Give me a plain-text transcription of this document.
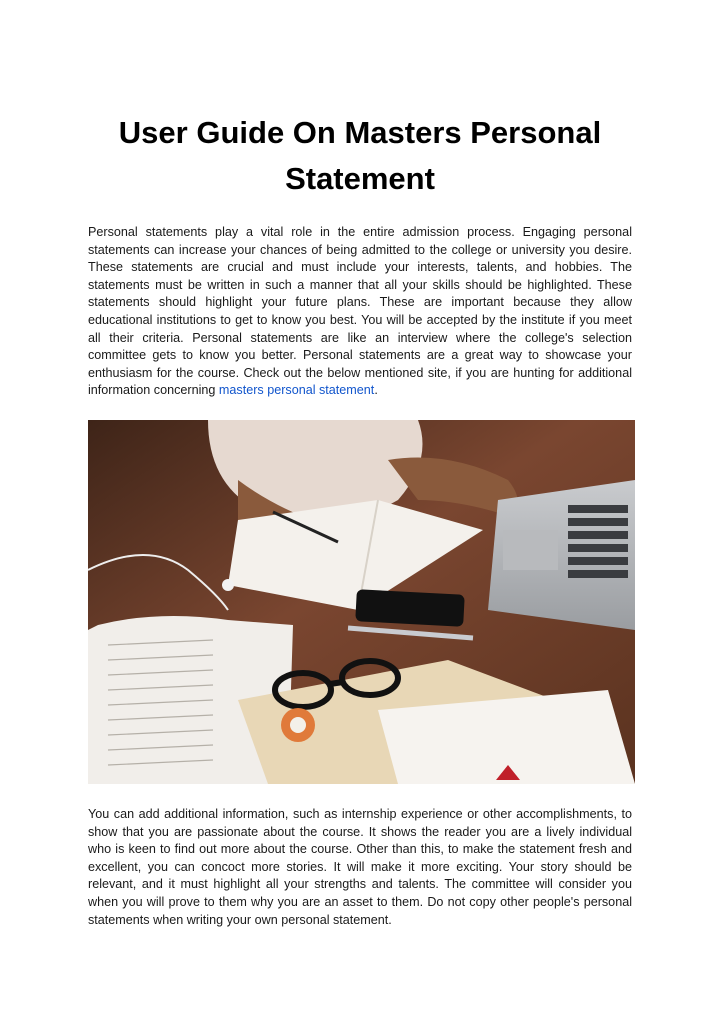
User Guide On Masters Personal Statement

Personal statements play a vital role in the entire admission process. Engaging personal statements can increase your chances of being admitted to the college or university you desire. These statements are crucial and must include your interests, talents, and hobbies. The statements must be written in such a manner that all your skills should be highlighted. These statements should highlight your future plans. These are important because they allow educational institutions to get to know you best. You will be accepted by the institute if you meet all their criteria. Personal statements are like an interview where the college's selection committee gets to know you better. Personal statements are a great way to showcase your enthusiasm for the course. Check out the below mentioned site, if you are hunting for additional information concerning masters personal statement.

You can add additional information, such as internship experience or other accomplishments, to show that you are passionate about the course. It shows the reader you are a lively individual who is keen to find out more about the course. Other than this, to make the statement fresh and excellent, you can concoct more stories. It will make it more exciting. Your story should be relevant, and it must highlight all your strengths and talents. The committee will consider you when you will prove to them why you are an asset to them. Do not copy other people's personal statements when writing your own personal statement.
